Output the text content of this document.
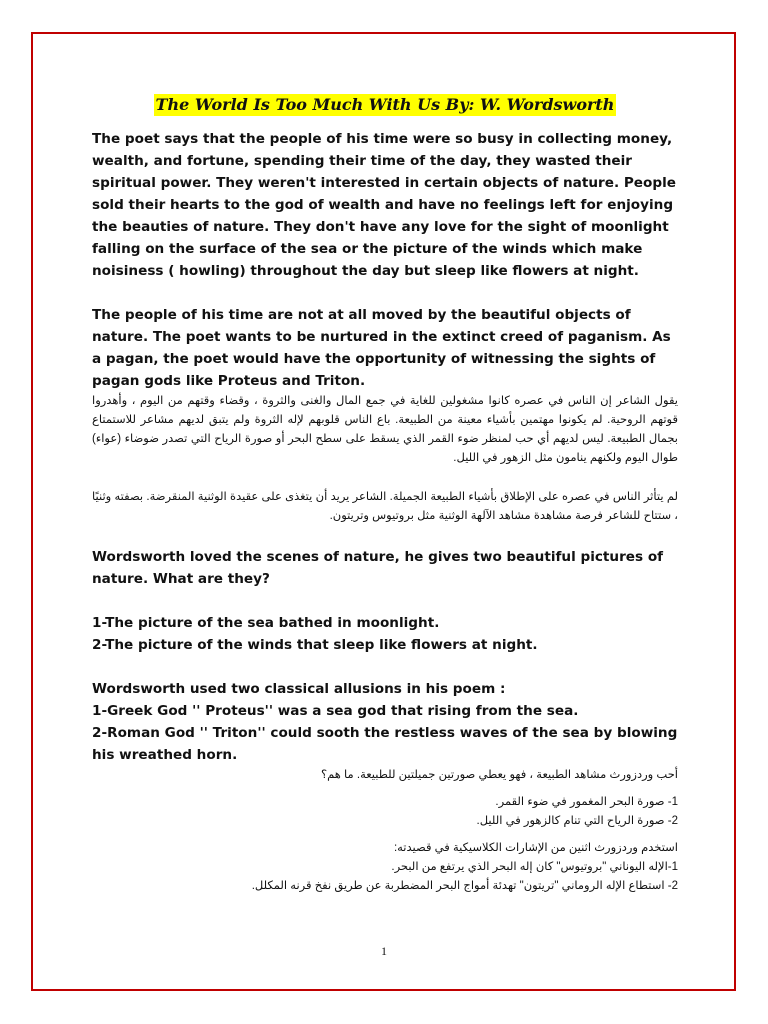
The World Is Too Much With Us By: W. Wordsworth

The poet says that the people of his time were so busy in collecting money, wealth, and fortune, spending their time of the day, they wasted their spiritual power. They weren't interested in certain objects of nature. People sold their hearts to the god of wealth and have no feelings left for enjoying the beauties of nature. They don't have any love for the sight of moonlight falling on the surface of the sea or the picture of the winds which make noisiness ( howling) throughout the day but sleep like flowers at night.

The people of his time are not at all moved by the beautiful objects of nature. The poet wants to be nurtured in the extinct creed of paganism. As a pagan, the poet would have the opportunity of witnessing the sights of pagan gods like Proteus and Triton.

يقول الشاعر إن الناس في عصره كانوا مشغولين للغاية في جمع المال والغنى والثروة ، وقضاء وقتهم من اليوم ، وأهدروا قوتهم الروحية. لم يكونوا مهتمين بأشياء معينة من الطبيعة. باع الناس قلوبهم لإله الثروة ولم يتبق لديهم مشاعر للاستمتاع بجمال الطبيعة. ليس لديهم أي حب لمنظر ضوء القمر الذي يسقط على سطح البحر أو صورة الرياح التي تصدر ضوضاء (عواء) طوال اليوم ولكنهم ينامون مثل الزهور في الليل.

لم يتأثر الناس في عصره على الإطلاق بأشياء الطبيعة الجميلة. الشاعر يريد أن يتغذى على عقيدة الوثنية المنقرضة. بصفته وثنيًا ، ستتاح للشاعر فرصة مشاهدة مشاهد الآلهة الوثنية مثل بروتيوس وتريتون.

Wordsworth loved the scenes of nature, he gives two beautiful pictures of nature. What are they?

1-The picture of the sea bathed in moonlight.

2-The picture of the winds that sleep like flowers at night.

Wordsworth used two classical allusions in his poem :

1-Greek God '' Proteus'' was a sea god that rising from the sea.

2-Roman God '' Triton'' could sooth the restless waves of the sea by blowing his wreathed horn.

أحب وردزورث مشاهد الطبيعة ، فهو يعطي صورتين جميلتين للطبيعة. ما هم؟

1- صورة البحر المغمور في ضوء القمر.

2- صورة الرياح التي تنام كالزهور في الليل.

استخدم وردزورث اثنين من الإشارات الكلاسيكية في قصيدته:

1-الإله اليوناني "بروتيوس" كان إله البحر الذي يرتفع من البحر.

2- استطاع الإله الروماني "تريتون" تهدئة أمواج البحر المضطربة عن طريق نفخ قرنه المكلل.

1
